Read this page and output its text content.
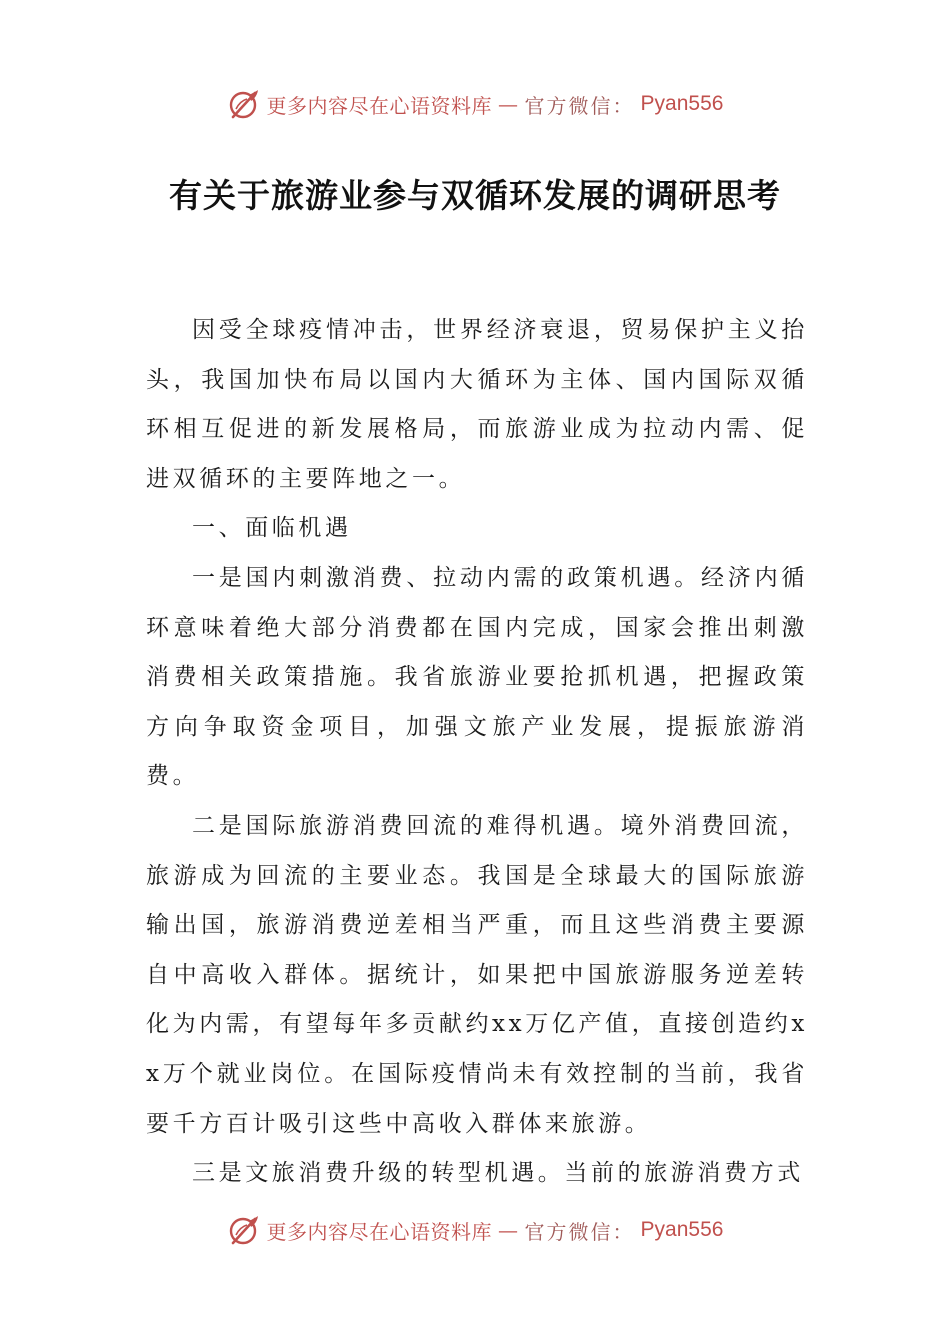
更多内容尽在心语资料库 — 官方微信： Pyan556
有关于旅游业参与双循环发展的调研思考

因受全球疫情冲击，世界经济衰退，贸易保护主义抬头，我国加快布局以国内大循环为主体、国内国际双循环相互促进的新发展格局，而旅游业成为拉动内需、促进双循环的主要阵地之一。

一、面临机遇

一是国内刺激消费、拉动内需的政策机遇。经济内循环意味着绝大部分消费都在国内完成，国家会推出刺激消费相关政策措施。我省旅游业要抢抓机遇，把握政策方向争取资金项目，加强文旅产业发展，提振旅游消费。

二是国际旅游消费回流的难得机遇。境外消费回流，旅游成为回流的主要业态。我国是全球最大的国际旅游输出国，旅游消费逆差相当严重，而且这些消费主要源自中高收入群体。据统计，如果把中国旅游服务逆差转化为内需，有望每年多贡献约xx万亿产值，直接创造约xx万个就业岗位。在国际疫情尚未有效控制的当前，我省要千方百计吸引这些中高收入群体来旅游。

三是文旅消费升级的转型机遇。当前的旅游消费方式

更多内容尽在心语资料库 — 官方微信： Pyan556
